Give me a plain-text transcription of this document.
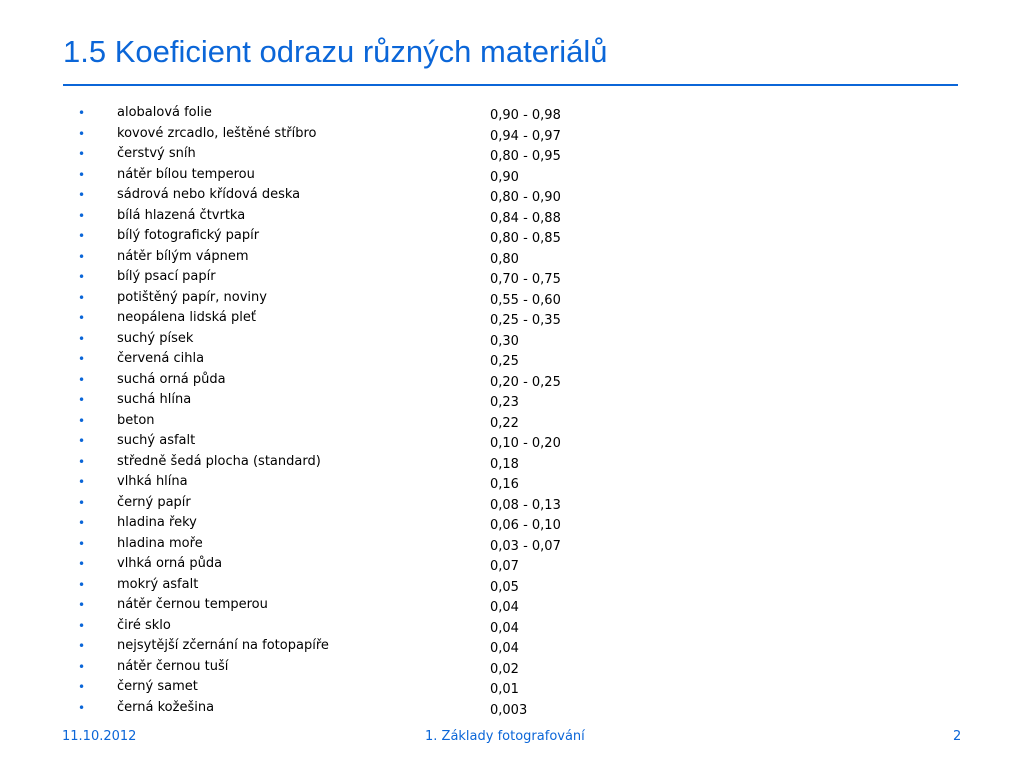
1.5 Koeficient odrazu různých materiálů
• alobalová folie
• kovové zrcadlo, leštěné stříbro
• čerstvý sníh
• nátěr bílou temperou
• sádrová nebo křídová deska
• bílá hlazená čtvrtka
• bílý fotografický papír
• nátěr bílým vápnem
• bílý psací papír
• potištěný papír, noviny
• neopálena lidská pleť
• suchý písek
• červená cihla
• suchá orná půda
• suchá hlína
• beton
• suchý asfalt
• středně šedá plocha (standard)
• vlhká hlína
• černý papír
• hladina řeky
• hladina moře
• vlhká orná půda
• mokrý asfalt
• nátěr černou temperou
• čiré sklo
• nejsytější zčernání na fotopapíře
• nátěr černou tuší
• černý samet
• černá kožešina
0,90 - 0,98
0,94 - 0,97
0,80 - 0,95
0,90
0,80 - 0,90
0,84 - 0,88
0,80 - 0,85
0,80
0,70 - 0,75
0,55 - 0,60
0,25 - 0,35
0,30
0,25
0,20 - 0,25
0,23
0,22
0,10 - 0,20
0,18
0,16
0,08 - 0,13
0,06 - 0,10
0,03 - 0,07
0,07
0,05
0,04
0,04
0,04
0,02
0,01
0,003
11.10.2012	1. Základy fotografování	2
